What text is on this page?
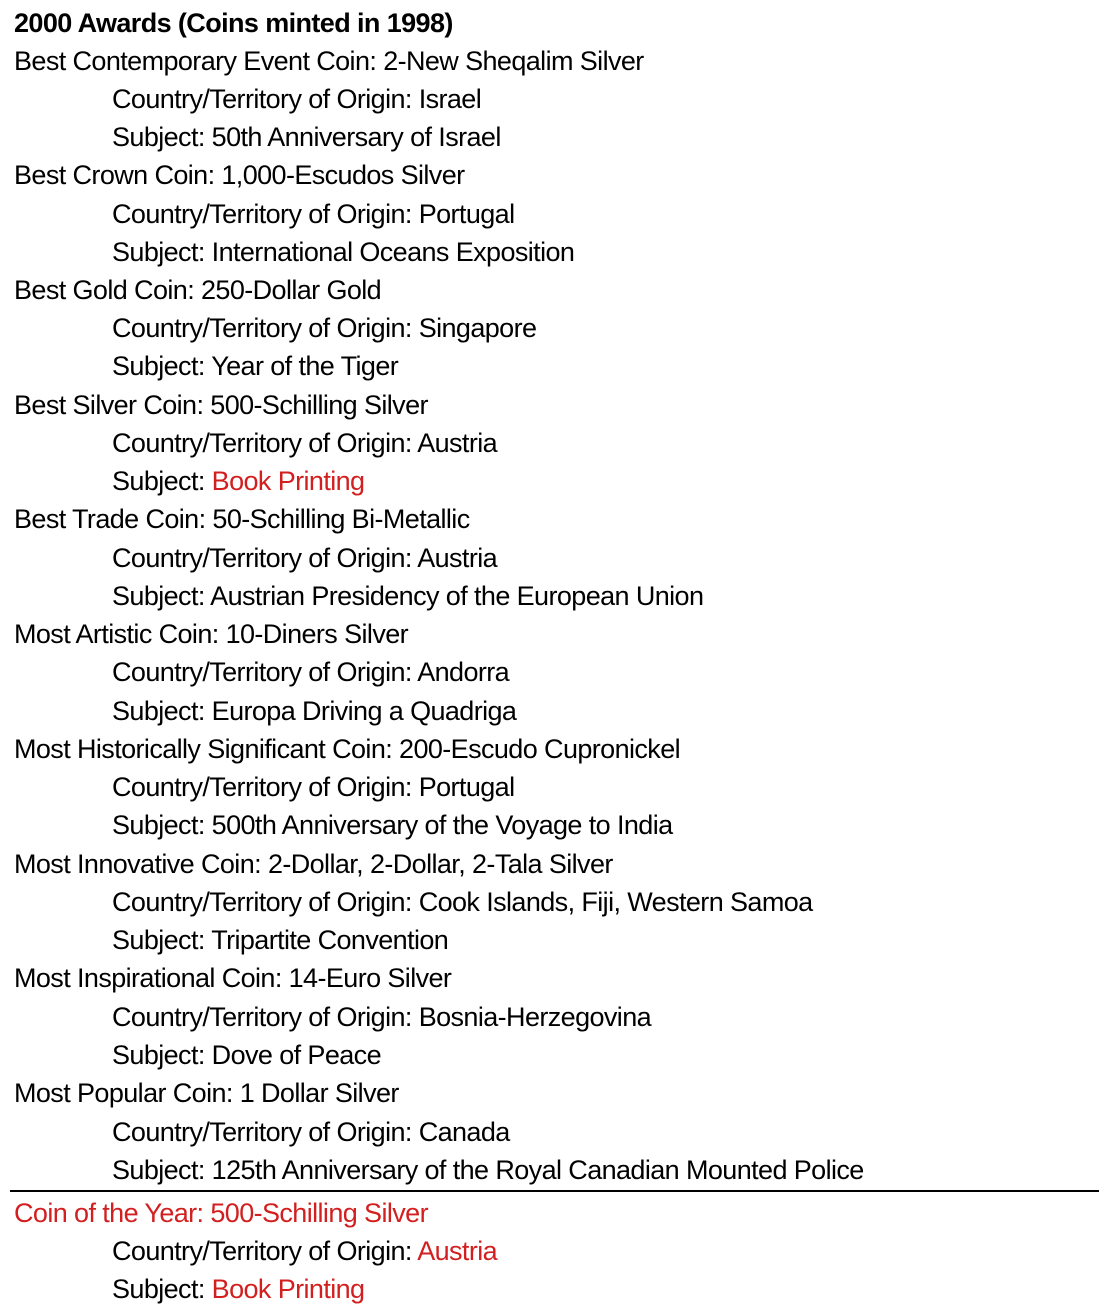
2000 Awards (Coins minted in 1998)
Best Contemporary Event Coin: 2-New Sheqalim Silver
Country/Territory of Origin: Israel
Subject: 50th Anniversary of Israel
Best Crown Coin: 1,000-Escudos Silver
Country/Territory of Origin: Portugal
Subject: International Oceans Exposition
Best Gold Coin: 250-Dollar Gold
Country/Territory of Origin: Singapore
Subject: Year of the Tiger
Best Silver Coin: 500-Schilling Silver
Country/Territory of Origin: Austria
Subject: Book Printing
Best Trade Coin: 50-Schilling Bi-Metallic
Country/Territory of Origin: Austria
Subject: Austrian Presidency of the European Union
Most Artistic Coin: 10-Diners Silver
Country/Territory of Origin: Andorra
Subject: Europa Driving a Quadriga
Most Historically Significant Coin: 200-Escudo Cupronickel
Country/Territory of Origin: Portugal
Subject: 500th Anniversary of the Voyage to India
Most Innovative Coin: 2-Dollar, 2-Dollar, 2-Tala Silver
Country/Territory of Origin: Cook Islands, Fiji, Western Samoa
Subject: Tripartite Convention
Most Inspirational Coin: 14-Euro Silver
Country/Territory of Origin: Bosnia-Herzegovina
Subject: Dove of Peace
Most Popular Coin: 1 Dollar Silver
Country/Territory of Origin: Canada
Subject: 125th Anniversary of the Royal Canadian Mounted Police
Coin of the Year: 500-Schilling Silver
Country/Territory of Origin: Austria
Subject: Book Printing
